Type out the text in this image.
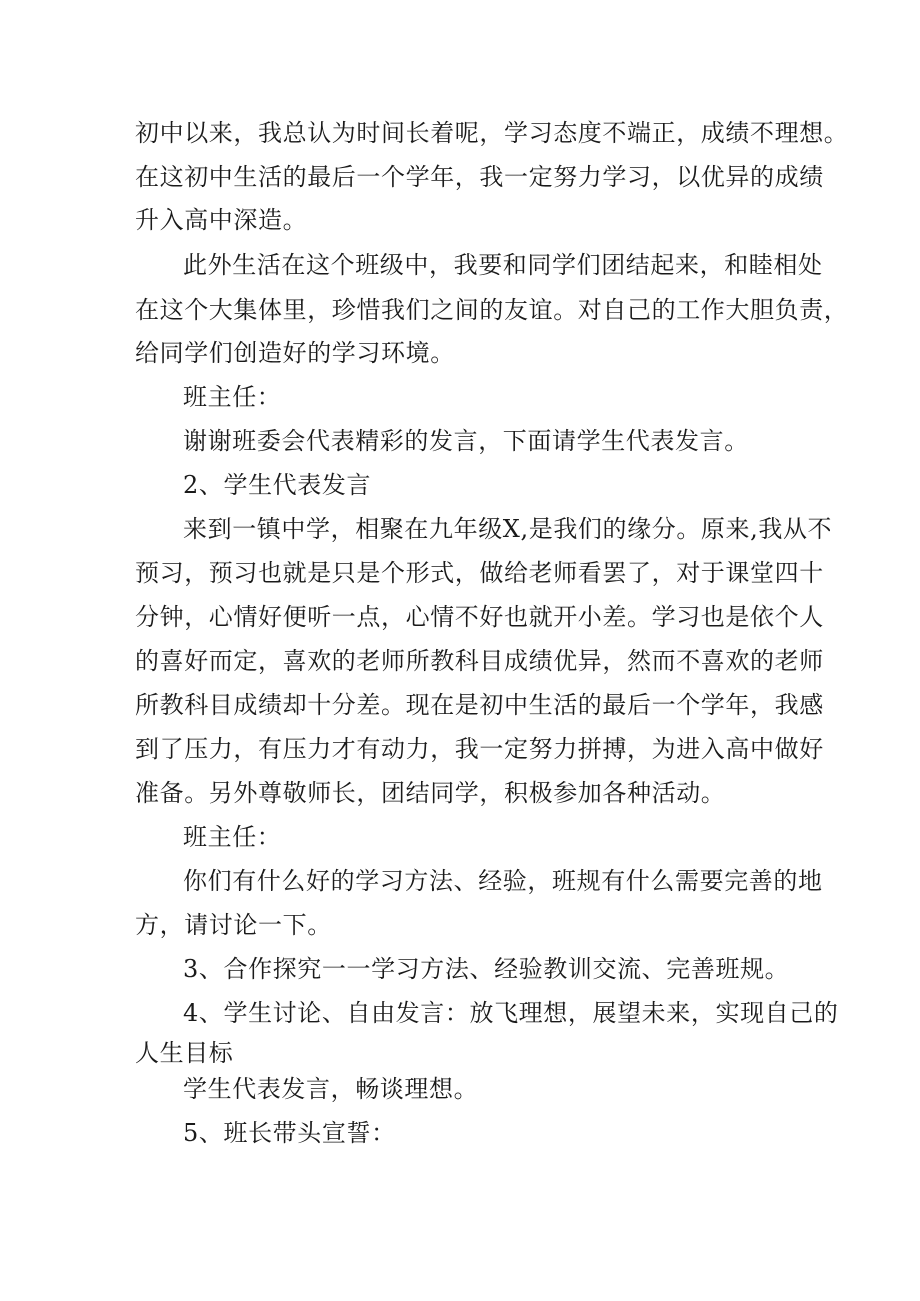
初中以来，我总认为时间长着呢，学习态度不端正，成绩不理想。
在这初中生活的最后一个学年，我一定努力学习，以优异的成绩
升入高中深造。
此外生活在这个班级中，我要和同学们团结起来，和睦相处
在这个大集体里，珍惜我们之间的友谊。对自己的工作大胆负责，
给同学们创造好的学习环境。
班主任：
谢谢班委会代表精彩的发言，下面请学生代表发言。
2、学生代表发言
来到一镇中学，相聚在九年级X,是我们的缘分。原来,我从不
预习，预习也就是只是个形式，做给老师看罢了，对于课堂四十
分钟，心情好便听一点，心情不好也就开小差。学习也是依个人
的喜好而定，喜欢的老师所教科目成绩优异，然而不喜欢的老师
所教科目成绩却十分差。现在是初中生活的最后一个学年，我感
到了压力，有压力才有动力，我一定努力拼搏，为进入高中做好
准备。另外尊敬师长，团结同学，积极参加各种活动。
班主任：
你们有什么好的学习方法、经验，班规有什么需要完善的地
方，请讨论一下。
3、合作探究一一学习方法、经验教训交流、完善班规。
4、学生讨论、自由发言：放飞理想，展望未来，实现自己的
人生目标
学生代表发言，畅谈理想。
5、班长带头宣誓：
